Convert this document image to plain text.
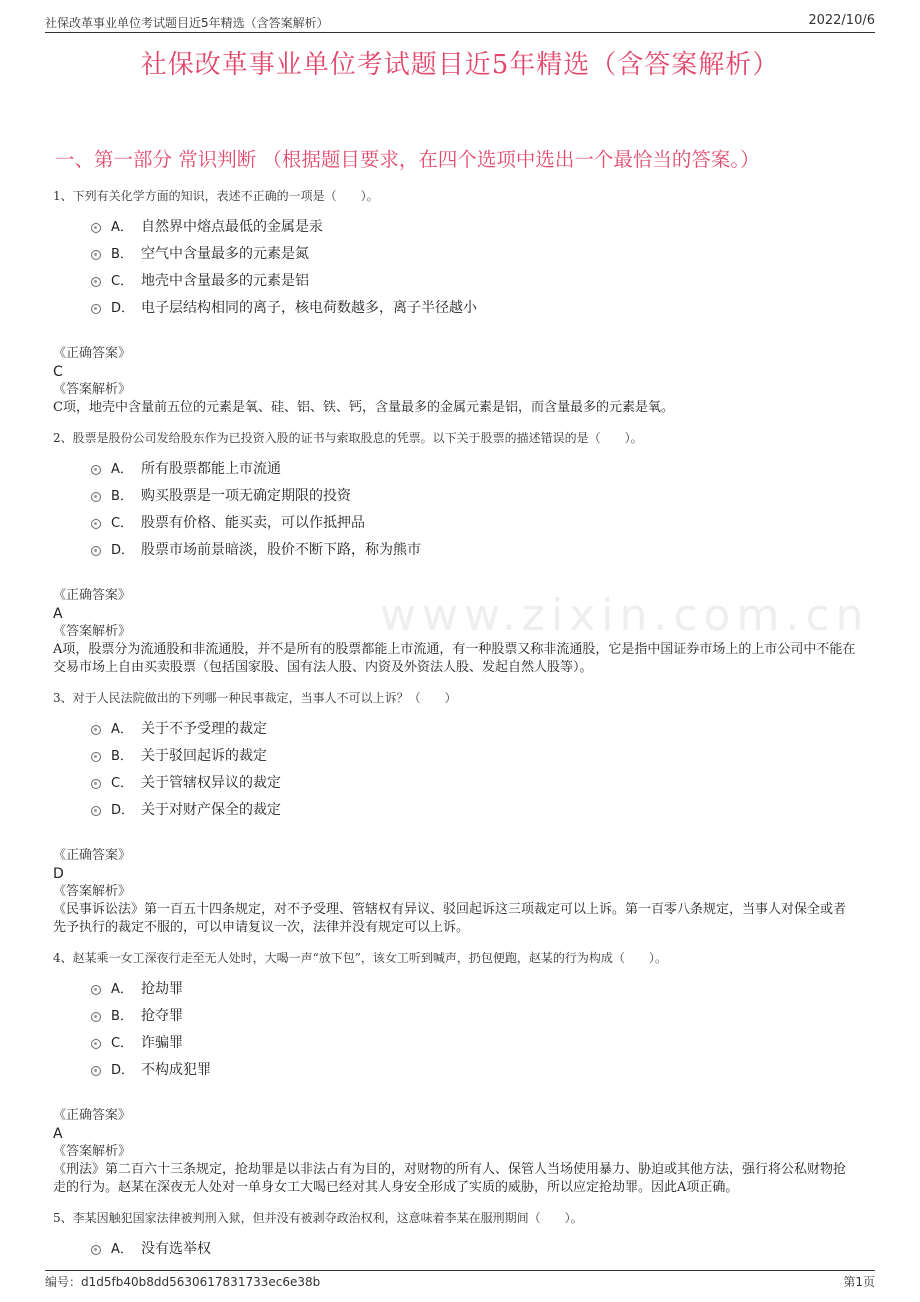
社保改革事业单位考试题目近5年精选（含答案解析）	2022/10/6
社保改革事业单位考试题目近5年精选（含答案解析）
一、第一部分 常识判断 （根据题目要求，在四个选项中选出一个最恰当的答案。）
www.zixin.com.cn
1、下列有关化学方面的知识，表述不正确的一项是（　　）。
A． 自然界中熔点最低的金属是汞
B． 空气中含量最多的元素是氮
C． 地壳中含量最多的元素是铝
D． 电子层结构相同的离子，核电荷数越多，离子半径越小
《正确答案》
C
《答案解析》
C项，地壳中含量前五位的元素是氧、硅、铝、铁、钙，含量最多的金属元素是铝，而含量最多的元素是氧。
2、股票是股份公司发给股东作为已投资入股的证书与索取股息的凭票。以下关于股票的描述错误的是（　　）。
A． 所有股票都能上市流通
B． 购买股票是一项无确定期限的投资
C． 股票有价格、能买卖，可以作抵押品
D． 股票市场前景暗淡，股价不断下路，称为熊市
《正确答案》
A
《答案解析》
A项，股票分为流通股和非流通股，并不是所有的股票都能上市流通，有一种股票又称非流通股，它是指中国证券市场上的上市公司中不能在交易市场上自由买卖股票（包括国家股、国有法人股、内资及外资法人股、发起自然人股等）。
3、对于人民法院做出的下列哪一种民事裁定，当事人不可以上诉？（　　）
A． 关于不予受理的裁定
B． 关于驳回起诉的裁定
C． 关于管辖权异议的裁定
D． 关于对财产保全的裁定
《正确答案》
D
《答案解析》
《民事诉讼法》第一百五十四条规定，对不予受理、管辖权有异议、驳回起诉这三项裁定可以上诉。第一百零八条规定，当事人对保全或者先予执行的裁定不服的，可以申请复议一次，法律并没有规定可以上诉。
4、赵某乘一女工深夜行走至无人处时，大喝一声“放下包”，该女工听到喊声，扔包便跑，赵某的行为构成（　　）。
A． 抢劫罪
B． 抢夺罪
C． 诈骗罪
D． 不构成犯罪
《正确答案》
A
《答案解析》
《刑法》第二百六十三条规定，抢劫罪是以非法占有为目的，对财物的所有人、保管人当场使用暴力、胁迫或其他方法，强行将公私财物抢走的行为。赵某在深夜无人处对一单身女工大喝已经对其人身安全形成了实质的威胁，所以应定抢劫罪。因此A项正确。
5、李某因触犯国家法律被判刑入狱，但并没有被剥夺政治权利，这意味着李某在服刑期间（　　）。
A． 没有选举权
编号：d1d5fb40b8dd5630617831733ec6e38b	第1页
